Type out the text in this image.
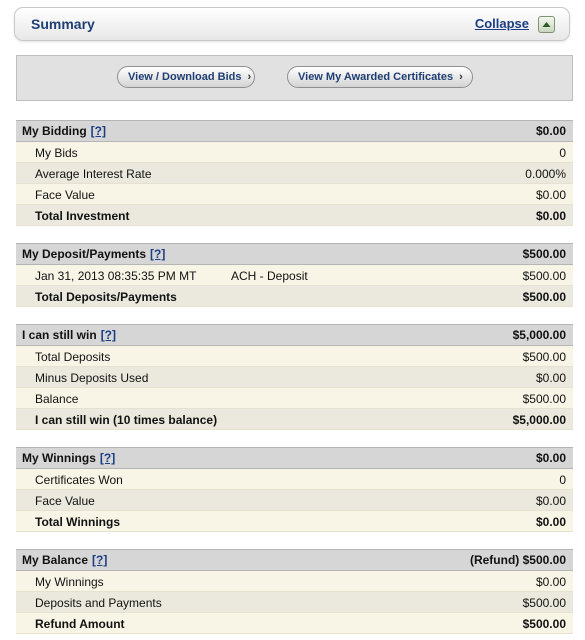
Summary	Collapse
View / Download Bids ›	View My Awarded Certificates ›
My Bidding [?]	$0.00
My Bids	0
Average Interest Rate	0.000%
Face Value	$0.00
Total Investment	$0.00
My Deposit/Payments [?]	$500.00
Jan 31, 2013 08:35:35 PM MT	ACH - Deposit	$500.00
Total Deposits/Payments	$500.00
I can still win [?]	$5,000.00
Total Deposits	$500.00
Minus Deposits Used	$0.00
Balance	$500.00
I can still win (10 times balance)	$5,000.00
My Winnings [?]	$0.00
Certificates Won	0
Face Value	$0.00
Total Winnings	$0.00
My Balance [?]	(Refund) $500.00
My Winnings	$0.00
Deposits and Payments	$500.00
Refund Amount	$500.00
